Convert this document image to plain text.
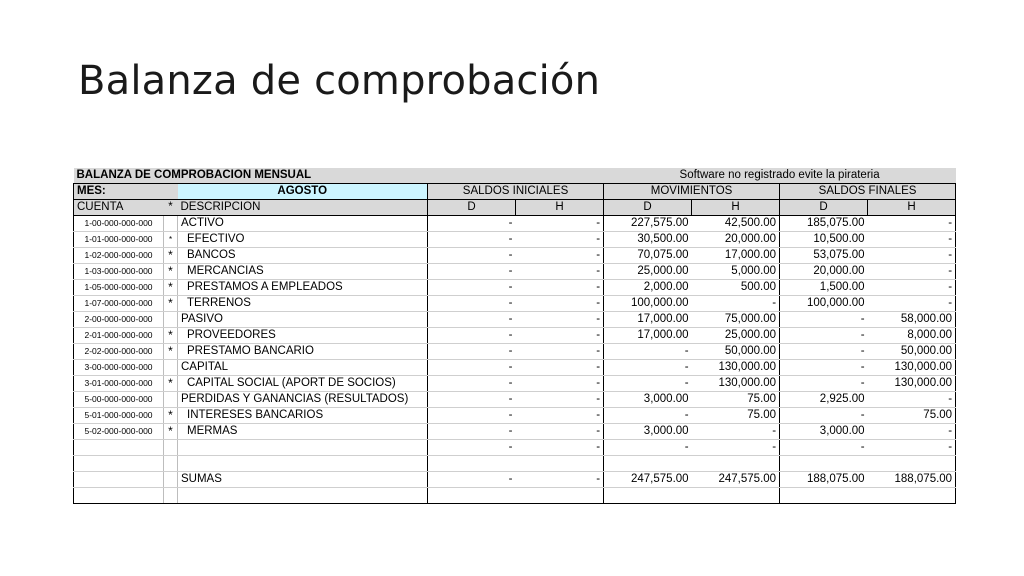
Balanza de comprobación
BALANZA DE COMPROBACION MENSUAL					Software no registrado evite la pirateria			
MES:		AGOSTO	SALDOS INICIALES		MOVIMIENTOS		SALDOS FINALES	
CUENTA	*	DESCRIPCION	D	H	D	H	D	H
1-00-000-000-000		ACTIVO	-	-	227,575.00	42,500.00	185,075.00	-
1-01-000-000-000	*	EFECTIVO	-	-	30,500.00	20,000.00	10,500.00	-
1-02-000-000-000	*	BANCOS	-	-	70,075.00	17,000.00	53,075.00	-
1-03-000-000-000	*	MERCANCIAS	-	-	25,000.00	5,000.00	20,000.00	-
1-05-000-000-000	*	PRESTAMOS A EMPLEADOS	-	-	2,000.00	500.00	1,500.00	-
1-07-000-000-000	*	TERRENOS	-	-	100,000.00	-	100,000.00	-
2-00-000-000-000		PASIVO	-	-	17,000.00	75,000.00	-	58,000.00
2-01-000-000-000	*	PROVEEDORES	-	-	17,000.00	25,000.00	-	8,000.00
2-02-000-000-000	*	PRESTAMO BANCARIO	-	-	-	50,000.00	-	50,000.00
3-00-000-000-000		CAPITAL	-	-	-	130,000.00	-	130,000.00
3-01-000-000-000	*	CAPITAL SOCIAL (APORT DE SOCIOS)	-	-	-	130,000.00	-	130,000.00
5-00-000-000-000		PERDIDAS Y GANANCIAS (RESULTADOS)	-	-	3,000.00	75.00	2,925.00	-
5-01-000-000-000	*	INTERESES BANCARIOS	-	-	-	75.00	-	75.00
5-02-000-000-000	*	MERMAS	-	-	3,000.00	-	3,000.00	-
			-	-	-	-	-	-

		SUMAS	-	-	247,575.00	247,575.00	188,075.00	188,075.00
